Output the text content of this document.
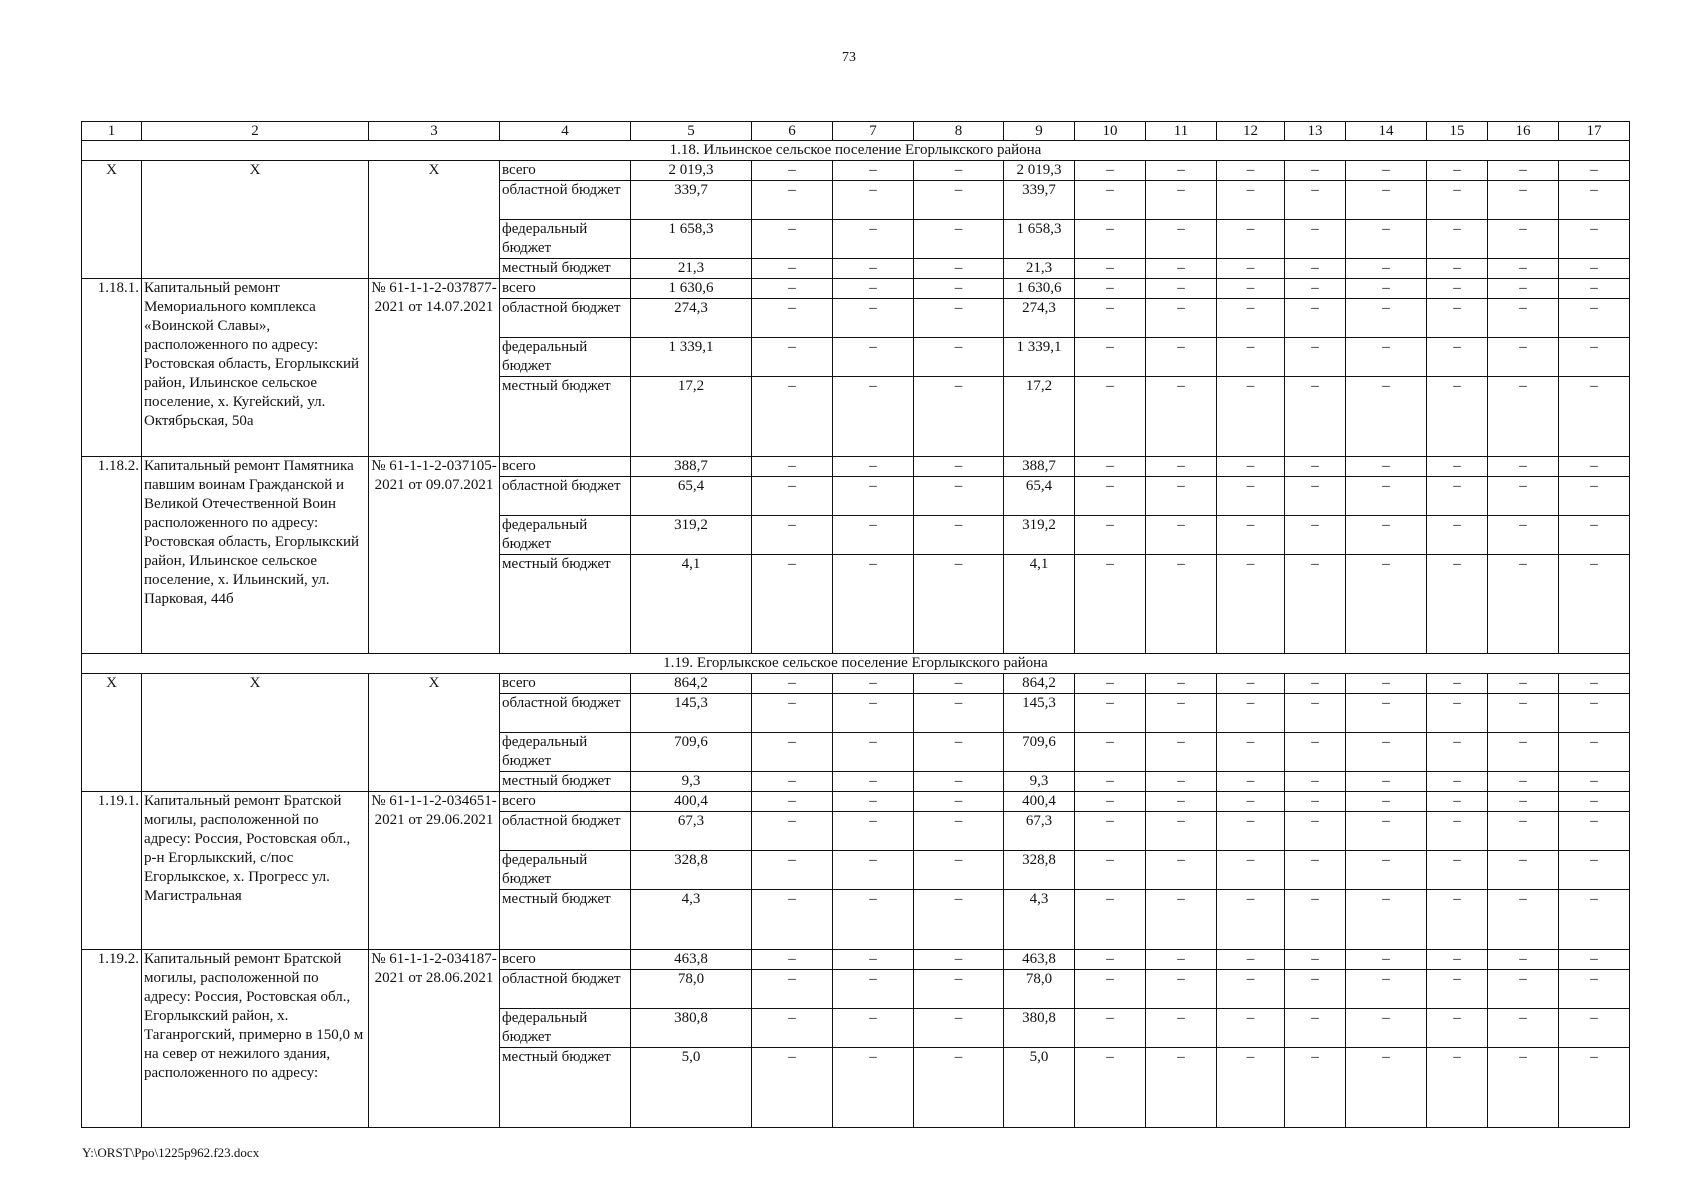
73
1	2	3	4	5	6	7	8	9	10	11	12	13	14	15	16	17
1.18. Ильинское сельское поселение Егорлыкского района																
Х	Х	Х	всего	2 019,3	–	–	–	2 019,3	–	–	–	–	–	–	–	–
			областной бюджет	339,7	–	–	–	339,7	–	–	–	–	–	–	–	–
			федеральный бюджет	1 658,3	–	–	–	1 658,3	–	–	–	–	–	–	–	–
			местный бюджет	21,3	–	–	–	21,3	–	–	–	–	–	–	–	–
1.18.1.	Капитальный ремонт Мемориального комплекса «Воинской Славы», расположенного по адресу: Ростовская область, Егорлыкский район, Ильинское сельское поселение, х. Кугейский, ул. Октябрьская, 50а	№ 61-1-1-2-037877-2021 от 14.07.2021	всего	1 630,6	–	–	–	1 630,6	–	–	–	–	–	–	–	–
			областной бюджет	274,3	–	–	–	274,3	–	–	–	–	–	–	–	–
			федеральный бюджет	1 339,1	–	–	–	1 339,1	–	–	–	–	–	–	–	–
			местный бюджет	17,2	–	–	–	17,2	–	–	–	–	–	–	–	–
1.18.2.	Капитальный ремонт Памятника павшим воинам Гражданской и Великой Отечественной Воин расположенного по адресу: Ростовская область, Егорлыкский район, Ильинское сельское поселение, х. Ильинский, ул. Парковая, 44б	№ 61-1-1-2-037105-2021 от 09.07.2021	всего	388,7	–	–	–	388,7	–	–	–	–	–	–	–	–
			областной бюджет	65,4	–	–	–	65,4	–	–	–	–	–	–	–	–
			федеральный бюджет	319,2	–	–	–	319,2	–	–	–	–	–	–	–	–
			местный бюджет	4,1	–	–	–	4,1	–	–	–	–	–	–	–	–
1.19. Егорлыкское сельское поселение Егорлыкского района																
Х	Х	Х	всего	864,2	–	–	–	864,2	–	–	–	–	–	–	–	–
			областной бюджет	145,3	–	–	–	145,3	–	–	–	–	–	–	–	–
			федеральный бюджет	709,6	–	–	–	709,6	–	–	–	–	–	–	–	–
			местный бюджет	9,3	–	–	–	9,3	–	–	–	–	–	–	–	–
1.19.1.	Капитальный ремонт Братской могилы, расположенной по адресу: Россия, Ростовская обл., р-н Егорлыкский, с/пос Егорлыкское, х. Прогресс ул. Магистральная	№ 61-1-1-2-034651-2021 от 29.06.2021	всего	400,4	–	–	–	400,4	–	–	–	–	–	–	–	–
			областной бюджет	67,3	–	–	–	67,3	–	–	–	–	–	–	–	–
			федеральный бюджет	328,8	–	–	–	328,8	–	–	–	–	–	–	–	–
			местный бюджет	4,3	–	–	–	4,3	–	–	–	–	–	–	–	–
1.19.2.	Капитальный ремонт Братской могилы, расположенной по адресу: Россия, Ростовская обл., Егорлыкский район, х. Таганрогский, примерно в 150,0 м на север от нежилого здания, расположенного по адресу:	№ 61-1-1-2-034187-2021 от 28.06.2021	всего	463,8	–	–	–	463,8	–	–	–	–	–	–	–	–
			областной бюджет	78,0	–	–	–	78,0	–	–	–	–	–	–	–	–
			федеральный бюджет	380,8	–	–	–	380,8	–	–	–	–	–	–	–	–
			местный бюджет	5,0	–	–	–	5,0	–	–	–	–	–	–	–	–
Y:\ORST\Ppo\1225p962.f23.docx
